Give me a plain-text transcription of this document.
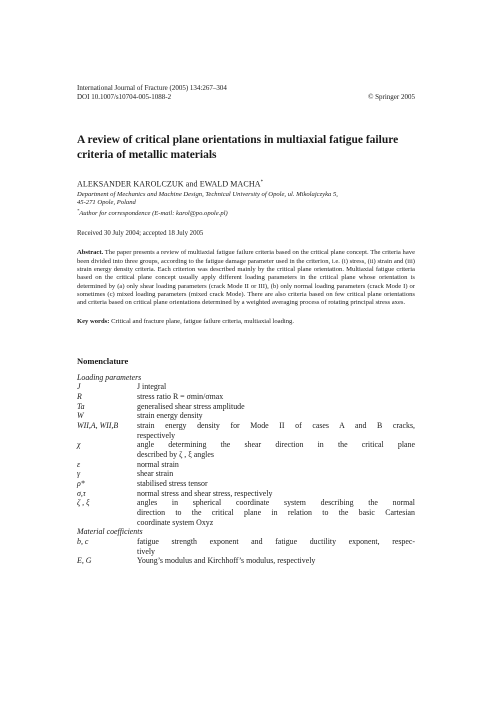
International Journal of Fracture (2005) 134:267–304
DOI 10.1007/s10704-005-1088-2	© Springer 2005
A review of critical plane orientations in multiaxial fatigue failure criteria of metallic materials
ALEKSANDER KAROLCZUK and EWALD MACHA*
Department of Mechanics and Machine Design, Technical University of Opole, ul. Mikolajczyka 5,
45-271 Opole, Poland
*Author for correspondence (E-mail: karol@po.opole.pl)
Received 30 July 2004; accepted 18 July 2005
Abstract. The paper presents a review of multiaxial fatigue failure criteria based on the critical plane concept. The criteria have been divided into three groups, according to the fatigue damage parameter used in the criterion, i.e. (i) stress, (ii) strain and (iii) strain energy density criteria. Each criterion was described mainly by the critical plane orientation. Multiaxial fatigue criteria based on the critical plane concept usually apply different loading parameters in the critical plane whose orientation is determined by (a) only shear loading parameters (crack Mode II or III), (b) only normal loading parameters (crack Mode I) or sometimes (c) mixed loading parameters (mixed crack Mode). There are also criteria based on few critical plane orientations and criteria based on critical plane orientations determined by a weighted averaging process of rotating principal stress axes.
Key words: Critical and fracture plane, fatigue failure criteria, multiaxial loading.
Nomenclature
Loading parameters
J	J integral
R	stress ratio R = σmin/σmax
Ta	generalised shear stress amplitude
W	strain energy density
WII,A, WII,B	strain energy density for Mode II of cases A and B cracks,
respectively
χ	angle determining the shear direction in the critical plane
described by ζ , ξ angles
ε	normal strain
γ	shear strain
ρ*	stabilised stress tensor
σ,τ	normal stress and shear stress, respectively
ζ , ξ	angles in spherical coordinate system describing the normal
direction to the critical plane in relation to the basic Cartesian
coordinate system Oxyz
Material coefficients
b, c	fatigue strength exponent and fatigue ductility exponent, respec-
tively
E, G	Young’s modulus and Kirchhoff’s modulus, respectively
